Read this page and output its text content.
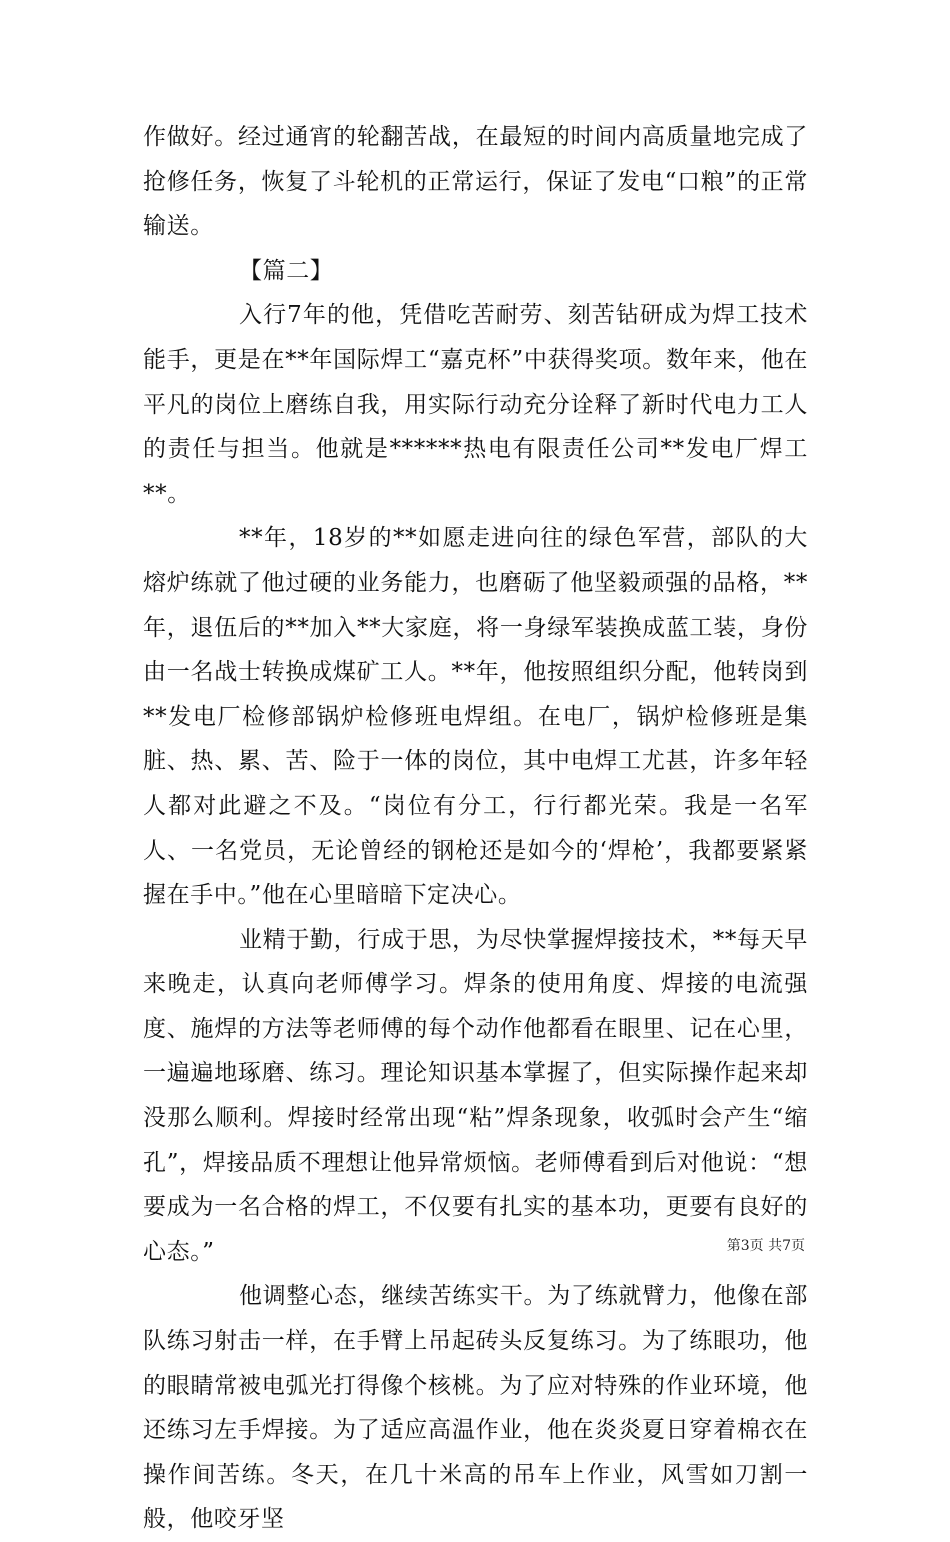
作做好。经过通宵的轮翻苦战，在最短的时间内高质量地完成了抢修任务，恢复了斗轮机的正常运行，保证了发电“口粮”的正常输送。

【篇二】

入行7年的他，凭借吃苦耐劳、刻苦钻研成为焊工技术能手，更是在**年国际焊工“嘉克杯”中获得奖项。数年来，他在平凡的岗位上磨练自我，用实际行动充分诠释了新时代电力工人的责任与担当。他就是******热电有限责任公司**发电厂焊工**。

**年，18岁的**如愿走进向往的绿色军营，部队的大熔炉练就了他过硬的业务能力，也磨砺了他坚毅顽强的品格，**年，退伍后的**加入**大家庭，将一身绿军装换成蓝工装，身份由一名战士转换成煤矿工人。**年，他按照组织分配，他转岗到**发电厂检修部锅炉检修班电焊组。在电厂，锅炉检修班是集脏、热、累、苦、险于一体的岗位，其中电焊工尤甚，许多年轻人都对此避之不及。“岗位有分工，行行都光荣。我是一名军人、一名党员，无论曾经的钢枪还是如今的‘焊枪’，我都要紧紧握在手中。”他在心里暗暗下定决心。

业精于勤，行成于思，为尽快掌握焊接技术，**每天早来晚走，认真向老师傅学习。焊条的使用角度、焊接的电流强度、施焊的方法等老师傅的每个动作他都看在眼里、记在心里，一遍遍地琢磨、练习。理论知识基本掌握了，但实际操作起来却没那么顺利。焊接时经常出现“粘”焊条现象，收弧时会产生“缩孔”，焊接品质不理想让他异常烦恼。老师傅看到后对他说：“想要成为一名合格的焊工，不仅要有扎实的基本功，更要有良好的心态。”

他调整心态，继续苦练实干。为了练就臂力，他像在部队练习射击一样，在手臂上吊起砖头反复练习。为了练眼功，他的眼睛常被电弧光打得像个核桃。为了应对特殊的作业环境，他还练习左手焊接。为了适应高温作业，他在炎炎夏日穿着棉衣在操作间苦练。冬天，在几十米高的吊车上作业，风雪如刀割一般，他咬牙坚

第3页 共7页
